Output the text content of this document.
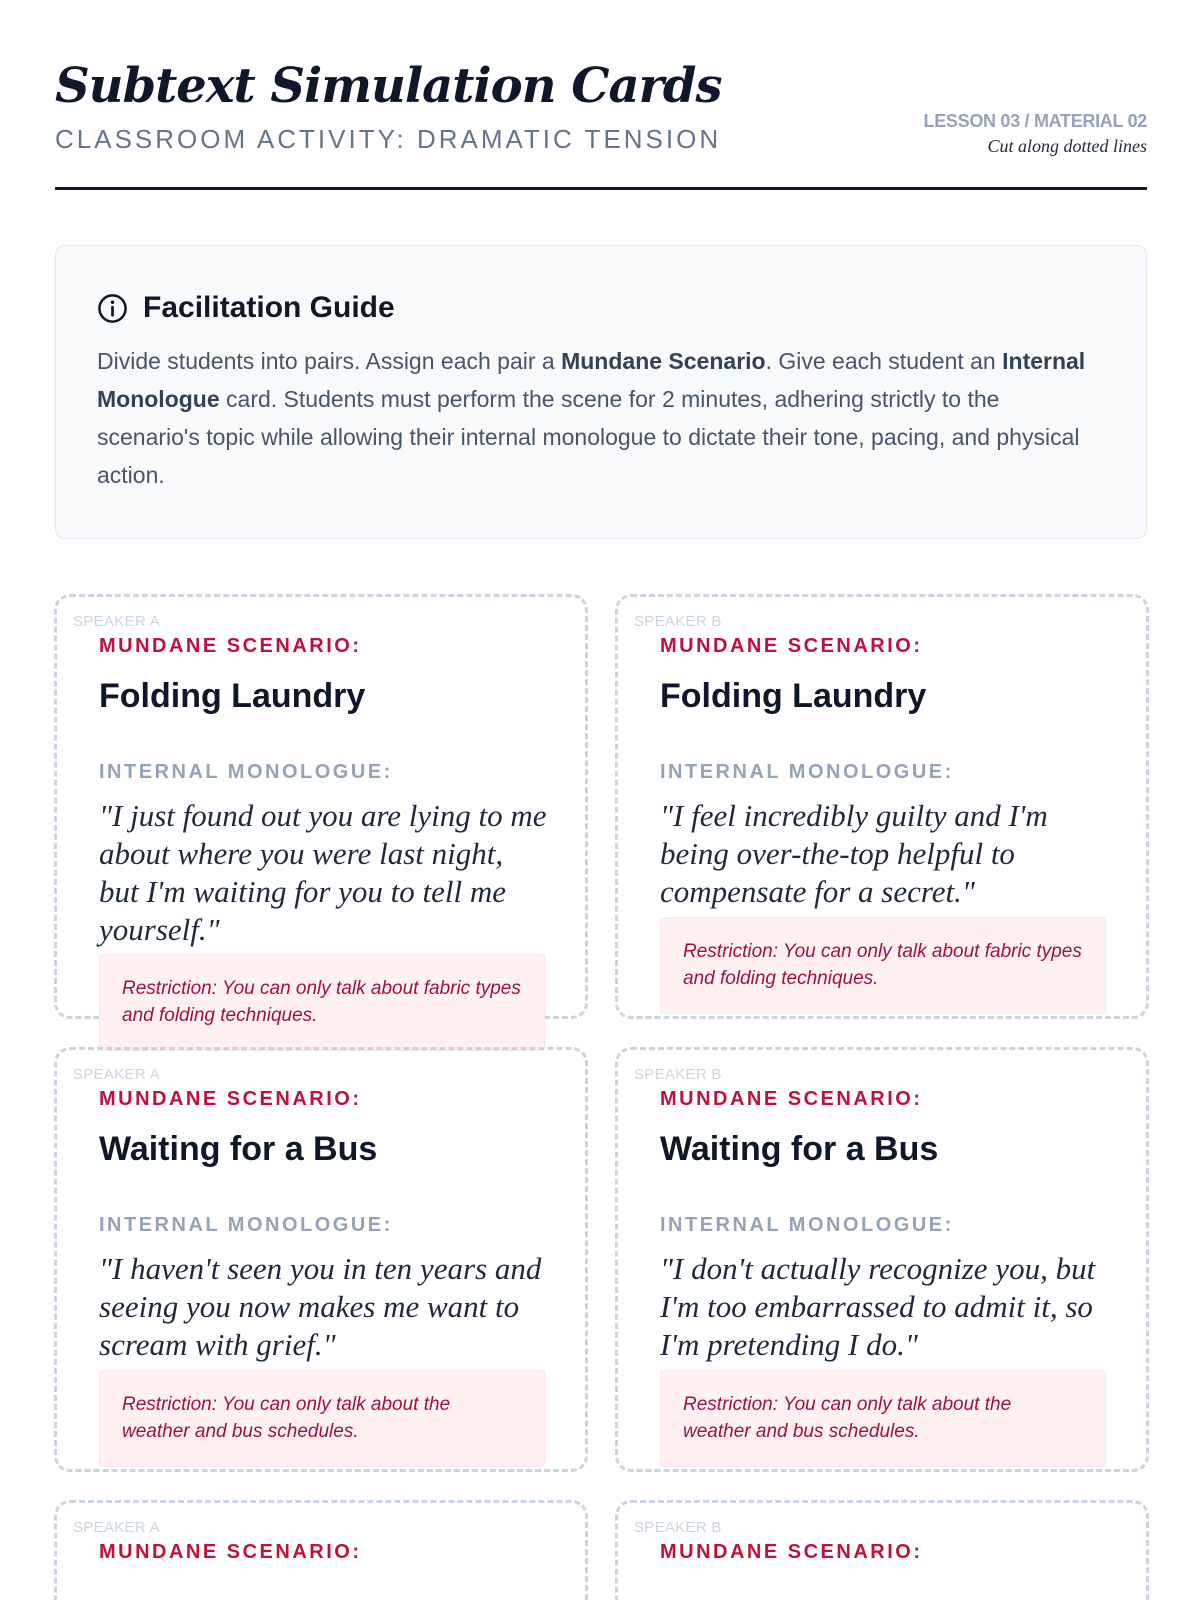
Subtext Simulation Cards
CLASSROOM ACTIVITY: DRAMATIC TENSION
LESSON 03 / MATERIAL 02
Cut along dotted lines
Facilitation Guide

Divide students into pairs. Assign each pair a Mundane Scenario. Give each student an Internal Monologue card. Students must perform the scene for 2 minutes, adhering strictly to the scenario's topic while allowing their internal monologue to dictate their tone, pacing, and physical action.

SPEAKER A
MUNDANE SCENARIO:
Folding Laundry
INTERNAL MONOLOGUE:
"I just found out you are lying to me about where you were last night, but I'm waiting for you to tell me yourself."
Restriction: You can only talk about fabric types and folding techniques.
SPEAKER B
MUNDANE SCENARIO:
Folding Laundry
INTERNAL MONOLOGUE:
"I feel incredibly guilty and I'm being over-the-top helpful to compensate for a secret."
Restriction: You can only talk about fabric types and folding techniques.
SPEAKER A
MUNDANE SCENARIO:
Waiting for a Bus
INTERNAL MONOLOGUE:
"I haven't seen you in ten years and seeing you now makes me want to scream with grief."
Restriction: You can only talk about the weather and bus schedules.
SPEAKER B
MUNDANE SCENARIO:
Waiting for a Bus
INTERNAL MONOLOGUE:
"I don't actually recognize you, but I'm too embarrassed to admit it, so I'm pretending I do."
Restriction: You can only talk about the weather and bus schedules.
SPEAKER A
MUNDANE SCENARIO:
SPEAKER B
MUNDANE SCENARIO:
